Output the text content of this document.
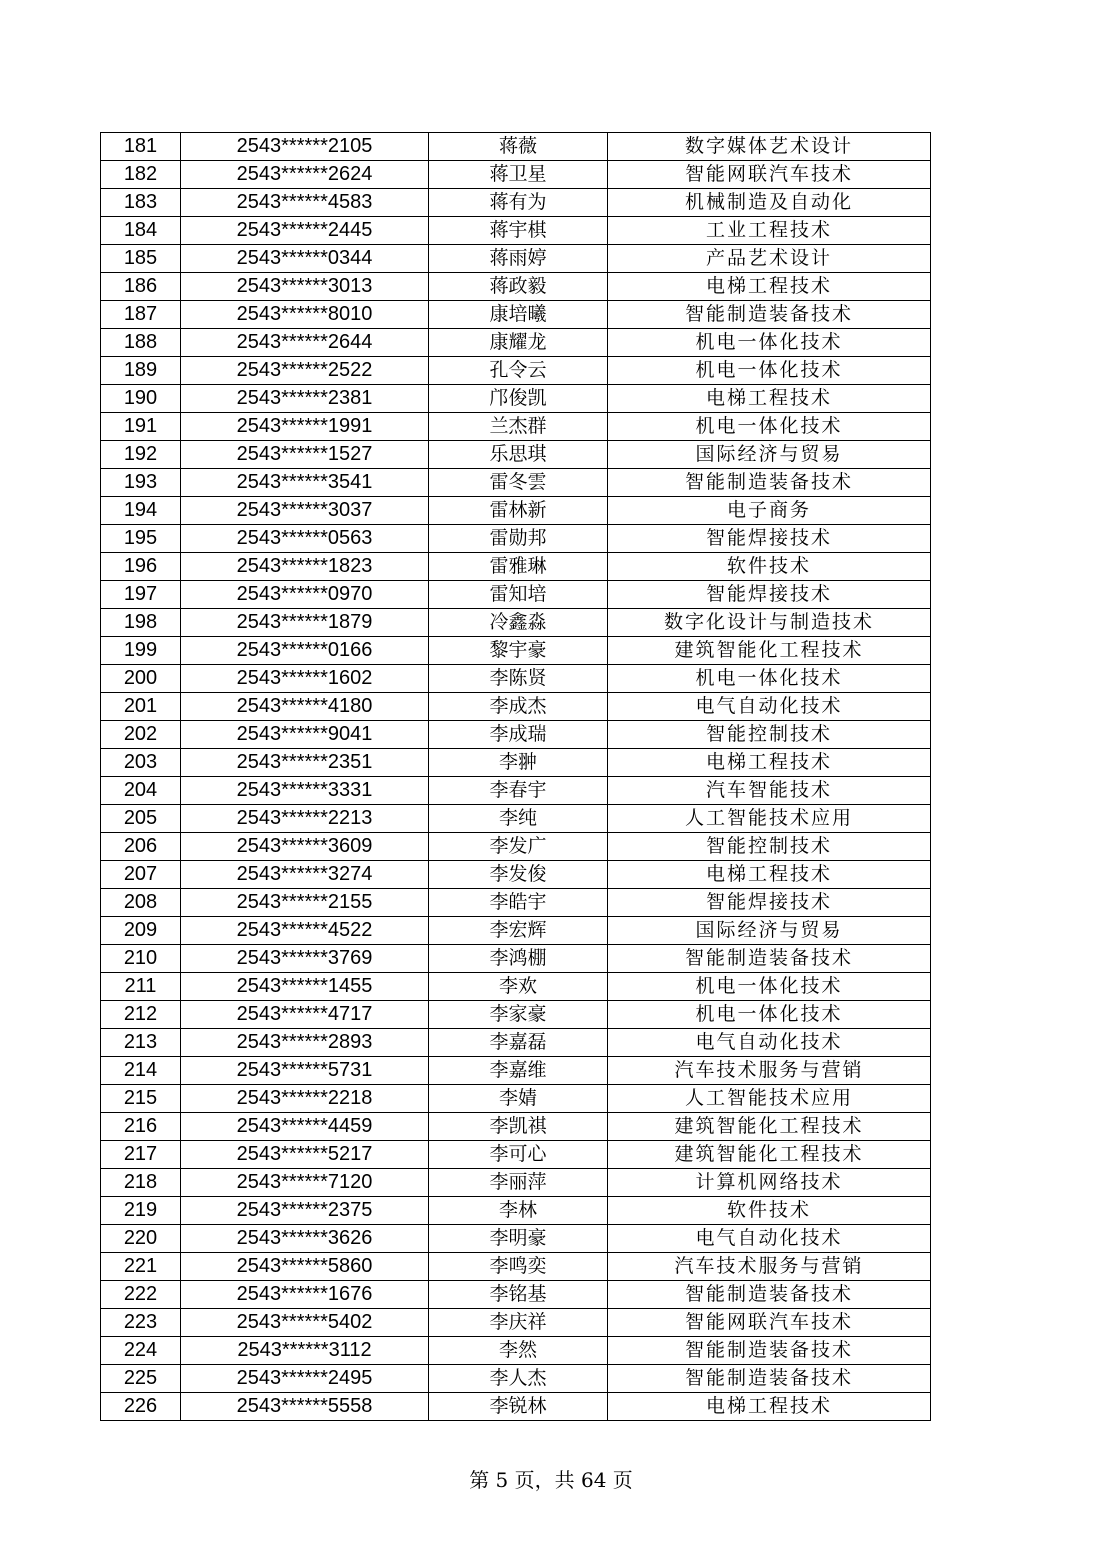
181	2543******2105	蒋薇	数字媒体艺术设计
182	2543******2624	蒋卫星	智能网联汽车技术
183	2543******4583	蒋有为	机械制造及自动化
184	2543******2445	蒋宇棋	工业工程技术
185	2543******0344	蒋雨婷	产品艺术设计
186	2543******3013	蒋政毅	电梯工程技术
187	2543******8010	康培曦	智能制造装备技术
188	2543******2644	康耀龙	机电一体化技术
189	2543******2522	孔令云	机电一体化技术
190	2543******2381	邝俊凯	电梯工程技术
191	2543******1991	兰杰群	机电一体化技术
192	2543******1527	乐思琪	国际经济与贸易
193	2543******3541	雷冬雲	智能制造装备技术
194	2543******3037	雷林新	电子商务
195	2543******0563	雷勋邦	智能焊接技术
196	2543******1823	雷雅琳	软件技术
197	2543******0970	雷知培	智能焊接技术
198	2543******1879	冷鑫淼	数字化设计与制造技术
199	2543******0166	黎宇豪	建筑智能化工程技术
200	2543******1602	李陈贤	机电一体化技术
201	2543******4180	李成杰	电气自动化技术
202	2543******9041	李成瑞	智能控制技术
203	2543******2351	李翀	电梯工程技术
204	2543******3331	李春宇	汽车智能技术
205	2543******2213	李纯	人工智能技术应用
206	2543******3609	李发广	智能控制技术
207	2543******3274	李发俊	电梯工程技术
208	2543******2155	李皓宇	智能焊接技术
209	2543******4522	李宏辉	国际经济与贸易
210	2543******3769	李鸿棚	智能制造装备技术
211	2543******1455	李欢	机电一体化技术
212	2543******4717	李家豪	机电一体化技术
213	2543******2893	李嘉磊	电气自动化技术
214	2543******5731	李嘉维	汽车技术服务与营销
215	2543******2218	李婧	人工智能技术应用
216	2543******4459	李凯祺	建筑智能化工程技术
217	2543******5217	李可心	建筑智能化工程技术
218	2543******7120	李丽萍	计算机网络技术
219	2543******2375	李林	软件技术
220	2543******3626	李明豪	电气自动化技术
221	2543******5860	李鸣奕	汽车技术服务与营销
222	2543******1676	李铭基	智能制造装备技术
223	2543******5402	李庆祥	智能网联汽车技术
224	2543******3112	李然	智能制造装备技术
225	2543******2495	李人杰	智能制造装备技术
226	2543******5558	李锐林	电梯工程技术
第 5 页，共 64 页
